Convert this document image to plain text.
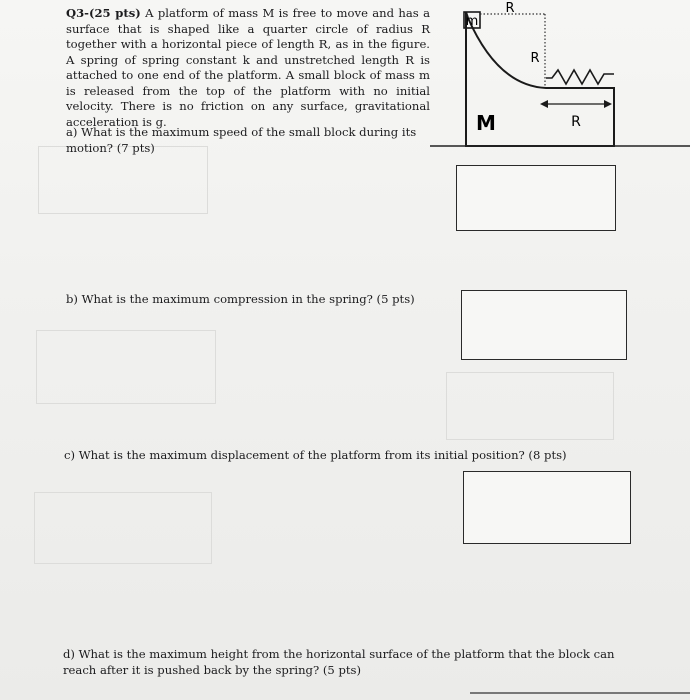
Q3-(25 pts) A platform of mass M is free to move and has a surface that is shaped like a quarter circle of radius R together with a horizontal piece of length R, as in the figure. A spring of spring constant k and unstretched length R is attached to one end of the platform. A small block of mass m is released from the top of the platform with no initial velocity. There is no friction on any surface, gravitational acceleration is g.
m
R
R
R
M
a) What is the maximum speed of the small block during its motion? (7 pts)
b) What is the maximum compression in the spring? (5 pts)
c) What is the maximum displacement of the platform from its initial position? (8 pts)
d) What is the maximum height from the horizontal surface of the platform that the block can reach after it is pushed back by the spring? (5 pts)
